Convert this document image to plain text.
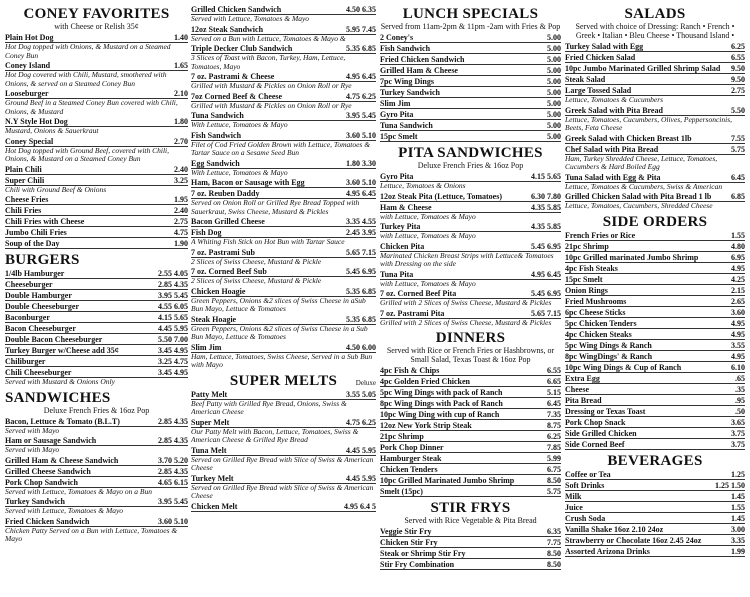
CONEY FAVORITES
with Cheese or Relish 35¢
Plain Hot Dog	1.40
Hot Dog topped with Onions, & Mustard on a Steamed Coney Bun
Coney Island	1.65
Hot Dog covered with Chili, Mustard, smothered with Onions, & served on a Steamed Coney Bun
Looseburger	2.10
Ground Beef in a Steamed Coney Bun covered with Chili, Onions, & Mustard
N.Y Style Hot Dog	1.80
Mustard, Onions & Sauerkraut
Coney Special	2.70
Hot Dog topped with Ground Beef, covered with Chili, Onions, & Mustard on a Steamed Coney Bun
Plain Chili	2.40
Super Chili	3.25
Chili with Ground Beef & Onions
Cheese Fries	1.95
Chili Fries	2.40
Chili Fries with Cheese	2.75
Jumbo Chili Fries	4.75
Soup of the Day	1.90
BURGERS
1/4lb Hamburger	2.55 4.05
Cheeseburger	2.85 4.35
Double Hamburger	3.95 5.45
Double Cheeseburger	4.55 6.05
Baconburger	4.15 5.65
Bacon Cheeseburger	4.45 5.95
Double Bacon Cheeseburger	5.50 7.00
Turkey Burger w/Cheese add 35¢	3.45 4.95
Chiliburger	3.25 4.75
Chili Cheeseburger	3.45 4.95
Served with Mustard & Onions Only
SANDWICHES
Deluxe French Fries & 16oz Pop
Bacon, Lettuce & Tomato (B.L.T)	2.85 4.35
Served with Mayo
Ham or Sausage Sandwich	2.85 4.35
Served with Mayo
Grilled Ham & Cheese Sandwich	3.70 5.20
Grilled Cheese Sandwich	2.85 4.35
Pork Chop Sandwich	4.65 6.15
Served with Lettuce, Tomatoes & Mayo on a Bun
Turkey Sandwich	3.95 5.45
Served with Lettuce, Tomatoes & Mayo
Fried Chicken Sandwich	3.60 5.10
Chicken Patty Served on a Bun with Lettuce, Tomatoes & Mayo
Grilled Chicken Sandwich	4.50 6.35
Served with Lettuce, Tomatoes & Mayo
12oz Steak Sandwich	5.95 7.45
Served on a Bun with Lettuce, Tomatoes & Mayo &
Triple Decker Club Sandwich	5.35 6.85
3 Slices of Toast with Bacon, Turkey, Ham, Lettuce, Tomatoes, Mayo
7 oz. Pastrami & Cheese	4.95 6.45
Grilled with Mustard & Pickles on Onion Roll or Rye
7oz Corned Beef & Cheese	4.75 6.25
Grilled with Mustard & Pickles on Onion Roll or Rye
Tuna Sandwich	3.95 5.45
With Lettuce, Tomatoes & Mayo
Fish Sandwich	3.60 5.10
Filet of Cod Fried Golden Brown with Lettuce, Tomatoes & Tartar Sauce on a Sesame Seed Bun
Egg Sandwich	1.80 3.30
With Lettuce, Tomatoes & Mayo
Ham, Bacon or Sausage with Egg	3.60 5.10
7 oz. Reuben Daddy	4.95 6.45
Served on Onion Roll or Grilled Rye Bread Topped with Sauerkraut, Swiss Cheese, Mustard & Pickles
Bacon Grilled Cheese	3.35 4.55
Fish Dog	2.45 3.95
A Whiting Fish Stick on Hot Bun with Tartar Sauce
7 oz. Pastrami Sub	5.65 7.15
2 Slices of Swiss Cheese, Mustard & Pickle
7 oz. Corned Beef Sub	5.45 6.95
2 Slices of Swiss Cheese, Mustard & Pickle
Chicken Hoagie	5.35 6.85
Green Peppers, Onions &2 slices of Swiss Cheese in aSub Bun Mayo, Lettuce & Tomatoes
Steak Hoagie	5.35 6.85
Green Peppers, Onions &2 slices of Swiss Cheese in a Sub Bun Mayo, Lettuce & Tomatoes
Slim Jim	4.50 6.00
Ham, Lettuce, Tomatoes, Swiss Cheese, Served in a Sub Bun with Mayo
SUPER MELTS	Deluxe
Patty Melt	3.55 5.05
Beef Patty with Grilled Rye Bread, Onions, Swiss & American Cheese
Super Melt	4.75 6.25
Our Patty Melt with Bacon, Lettuce, Tomatoes, Swiss & American Cheese & Grilled Rye Bread
Tuna Melt	4.45 5.95
Served on Grilled Rye Bread with Slice of Swiss & American Cheese
Turkey Melt	4.45 5.95
Served on Grilled Rye Bread with Slice of Swiss & American Cheese
Chicken Melt	4.95 6.4 5
LUNCH SPECIALS
Served from 11am-2pm & 11pm -2am with Fries & Pop
2 Coney's	5.00
Fish Sandwich	5.00
Fried Chicken Sandwich	5.00
Grilled Ham & Cheese	5.00
7pc Wing Dings	5.00
Turkey Sandwich	5.00
Slim Jim	5.00
Gyro Pita	5.00
Tuna Sandwich	5.00
15pc Smelt	5.00
PITA SANDWICHES
Deluxe French Fries & 16oz Pop
Gyro Pita	4.15 5.65
Lettuce, Tomatoes & Onions
12oz Steak Pita (Lettuce, Tomatoes)	6.30 7.80
Ham & Cheese	4.35 5.85
with Lettuce, Tomatoes & Mayo
Turkey Pita	4.35 5.85
with Lettuce, Tomatoes & Mayo
Chicken Pita	5.45 6.95
Marinated Chicken Breast Strips with Lettuce& Tomatoes with Dressing on the side
Tuna Pita	4.95 6.45
with Lettuce, Tomatoes & Mayo
7 oz. Corned Beef Pita	5.45 6.95
Grilled with 2 Slices of Swiss Cheese, Mustard & Pickles
7 oz. Pastrami Pita	5.65 7.15
Grilled with 2 Slices of Swiss Cheese, Mustard & Pickles
DINNERS
Served with Rice or French Fries or Hashbrowns, or Small Salad, Texas Toast & 16oz Pop
4pc Fish & Chips	6.55
4pc Golden Fried Chicken	6.65
5pc Wing Dings with pack of Ranch	5.15
8pc Wing Dings with Pack of Ranch	6.45
10pc Wing Ding with cup of Ranch	7.35
12oz New York Strip Steak	8.75
21pc Shrimp	6.25
Pork Chop Dinner	7.85
Hamburger Steak	5.99
Chicken Tenders	6.75
10pc Grilled Marinated Jumbo Shrimp	8.50
Smelt (15pc)	5.75
STIR FRYS
Served with Rice Vegetable & Pita Bread
Veggie Stir Fry	6.35
Chicken Stir Fry	7.75
Steak or Shrimp Stir Fry	8.50
Stir Fry Combination	8.50
SALADS
Served with choice of Dressing: Ranch • French • Greek • Italian • Bleu Cheese • Thousand Island •
Turkey Salad with Egg	6.25
Fried Chicken Salad	6.55
10pc Jumbo Marinated Grilled Shrimp Salad	9.50
Steak Salad	9.50
Large Tossed Salad	2.75
Lettuce, Tomatoes & Cucumbers
Greek Salad with Pita Bread	5.50
Lettuce, Tomatoes, Cucumbers, Olives, Peppersoncinis, Beets, Feta Cheese
Greek Salad with Chicken Breast 1lb	7.55
Chef Salad with Pita Bread	5.75
Ham, Turkey Shredded Cheese, Lettuce, Tomatoes, Cucumbers & Hard Boiled Egg
Tuna Salad with Egg & Pita	6.45
Lettuce, Tomatoes & Cucumbers, Swiss & American
Grilled Chicken Salad with Pita Bread 1 lb	6.85
Lettuce, Tomatoes, Cucumbers, Shredded Cheese
SIDE ORDERS
French Fries or Rice	1.55
21pc Shrimp	4.80
10pc Grilled marinated Jumbo Shrimp	6.95
4pc Fish Steaks	4.95
15pc Smelt	4.25
Onion Rings	2.15
Fried Mushrooms	2.65
6pc Cheese Sticks	3.60
5pc Chicken Tenders	4.95
4pc Chicken Steaks	4.95
5pc Wing Dings & Ranch	3.55
8pc WingDings' & Ranch	4.95
10pc Wing Dings & Cup of Ranch	6.10
Extra Egg	.65
Cheese	.35
Pita Bread	.95
Dressing or Texas Toast	.50
Pork Chop Snack	3.65
Side Grilled Chicken	3.75
Side Corned Beef	3.75
BEVERAGES
Coffee or Tea	1.25
Soft Drinks	1.25 1.50
Milk	1.45
Juice	1.55
Crush Soda	1.45
Vanilla Shake 16oz 2.10 24oz	3.00
Strawberry or Chocolate 16oz 2.45 24oz	3.35
Assorted Arizona Drinks	1.99
